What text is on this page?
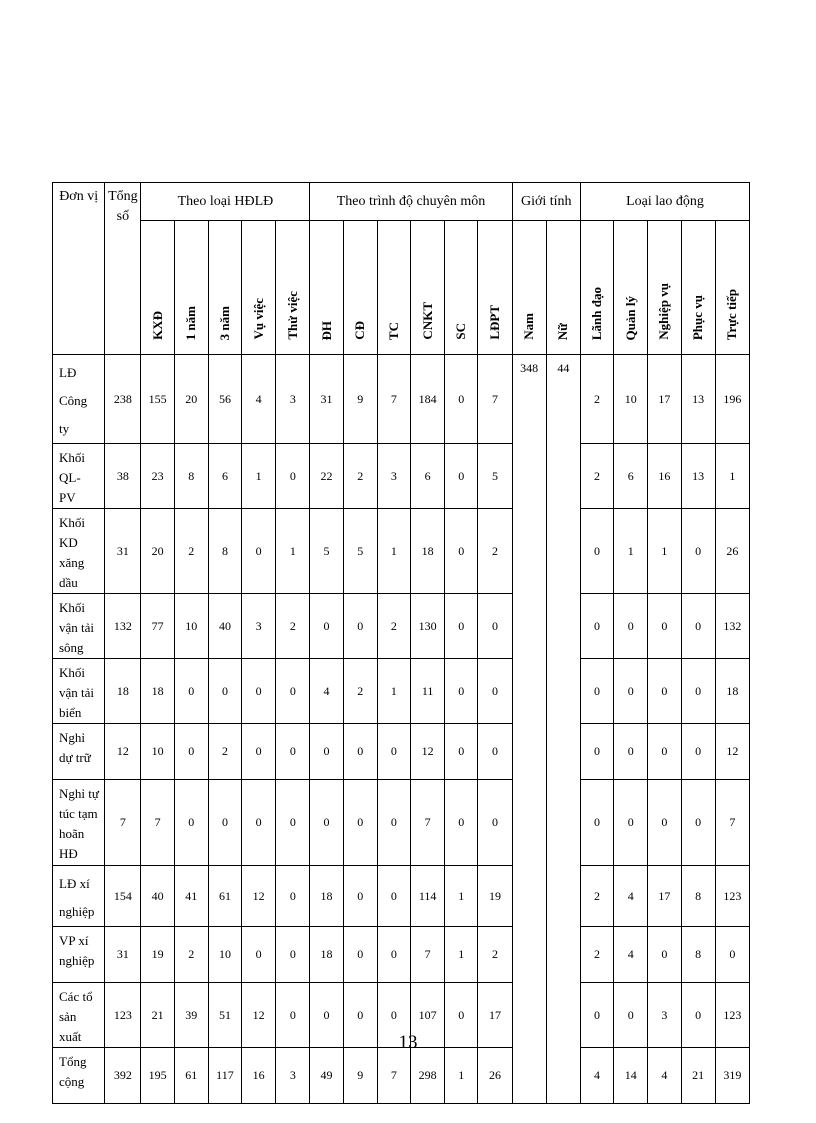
Đơn vị	Tổng số	Theo loại HĐLĐ					Theo trình độ chuyên môn						Giới tính		Loại lao động				
		KXĐ	1 năm	3 năm	Vụ việc	Thử việc	ĐH	CĐ	TC	CNKT	SC	LĐPT	Nam	Nữ	Lãnh đạo	Quản lý	Nghiệp vụ	Phục vụ	Trực tiếp
LĐ Công ty	238	155	20	56	4	3	31	9	7	184	0	7	348	44	2	10	17	13	196
Khối QL- PV	38	23	8	6	1	0	22	2	3	6	0	5			2	6	16	13	1
Khối KD xăng dầu	31	20	2	8	0	1	5	5	1	18	0	2			0	1	1	0	26
Khối vận tải sông	132	77	10	40	3	2	0	0	2	130	0	0			0	0	0	0	132
Khối vận tải biển	18	18	0	0	0	0	4	2	1	11	0	0			0	0	0	0	18
Nghỉ dự trữ	12	10	0	2	0	0	0	0	0	12	0	0			0	0	0	0	12
Nghỉ tự túc tạm hoãn HĐ	7	7	0	0	0	0	0	0	0	7	0	0			0	0	0	0	7
LĐ xí nghiệp	154	40	41	61	12	0	18	0	0	114	1	19			2	4	17	8	123
VP xí nghiệp	31	19	2	10	0	0	18	0	0	7	1	2			2	4	0	8	0
Các tổ sản xuất	123	21	39	51	12	0	0	0	0	107	0	17			0	0	3	0	123
Tổng cộng	392	195	61	117	16	3	49	9	7	298	1	26			4	14	4	21	319
13
